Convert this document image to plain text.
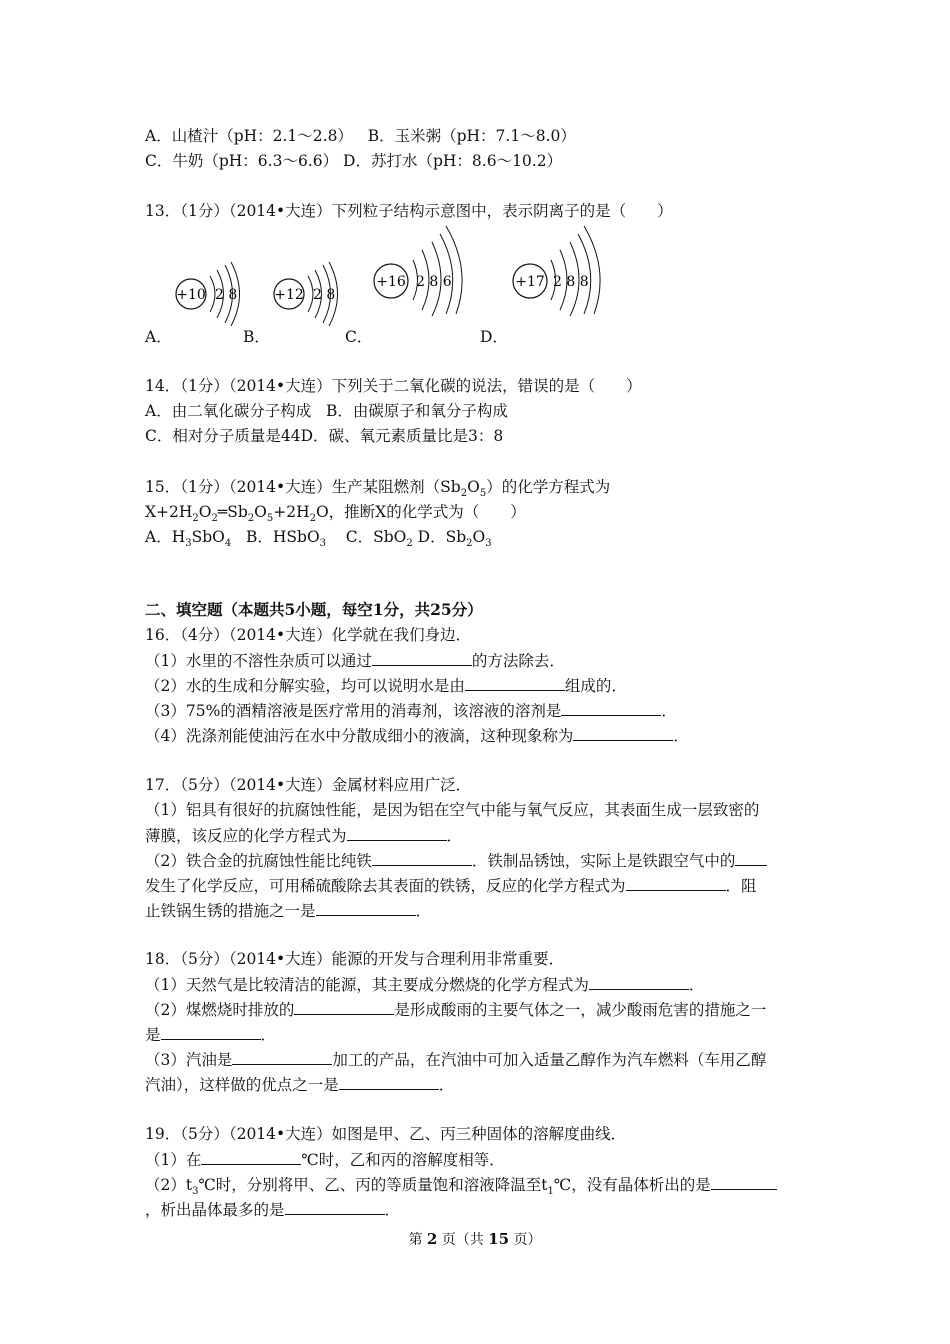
A．山楂汁（pH：2.1～2.8） B．玉米粥（pH：7.1～8.0）
C．牛奶（pH：6.3～6.6） D．苏打水（pH：8.6～10.2）
13．（1分）（2014•大连）下列粒子结构示意图中，表示阴离子的是（　　）
+10 2 8
A．
+12 2 8
B．
+16 2 8 6
C．
+17 2 8 8
D．
14．（1分）（2014•大连）下列关于二氧化碳的说法，错误的是（　　）
A．由二氧化碳分子构成 B．由碳原子和氧分子构成
C．相对分子质量是44D．碳、氧元素质量比是3：8
15．（1分）（2014•大连）生产某阻燃剂$(Sb_2O_5)$的化学方程式为
$X+2H_2O_2═Sb_2O_5+2H_2O$，推断X的化学式为（　　）
A．$H_3SbO_4$ B．HSbO$_3$ C．SbO$_2$ D．$Sb_2O_3$
二、填空题（本题共5小题，每空1分，共25分）
16．（4分）（2014•大连）化学就在我们身边．
（1）水里的不溶性杂质可以通过	的方法除去．
（2）水的生成和分解实验，均可以说明水是由	组成的．
（3）75%的酒精溶液是医疗常用的消毒剂，该溶液的溶剂是	．
（4）洗涤剂能使油污在水中分散成细小的液滴，这种现象称为	．
17．（5分）（2014•大连）金属材料应用广泛．
（1）铝具有很好的抗腐蚀性能，是因为铝在空气中能与氧气反应，其表面生成一层致密的
薄膜，该反应的化学方程式为	．
（2）铁合金的抗腐蚀性能比纯铁	．铁制品锈蚀，实际上是铁跟空气中的
发生了化学反应，可用稀硫酸除去其表面的铁锈，反应的化学方程式为	．阻
止铁锅生锈的措施之一是	．
18．（5分）（2014•大连）能源的开发与合理利用非常重要．
（1）天然气是比较清洁的能源，其主要成分燃烧的化学方程式为	．
（2）煤燃烧时排放的	是形成酸雨的主要气体之一，减少酸雨危害的措施之一
是	．
（3）汽油是	加工的产品，在汽油中可加入适量乙醇作为汽车燃料（车用乙醇
汽油），这样做的优点之一是	．
19．（5分）（2014•大连）如图是甲、乙、丙三种固体的溶解度曲线．
（1）在	℃时，乙和丙的溶解度相等．
$(2)t_3℃$时，分别将甲、乙、丙的等质量饱和溶液降温至$t_1℃$，没有晶体析出的是
，析出晶体最多的是	．
第 2 页（共 15 页）
